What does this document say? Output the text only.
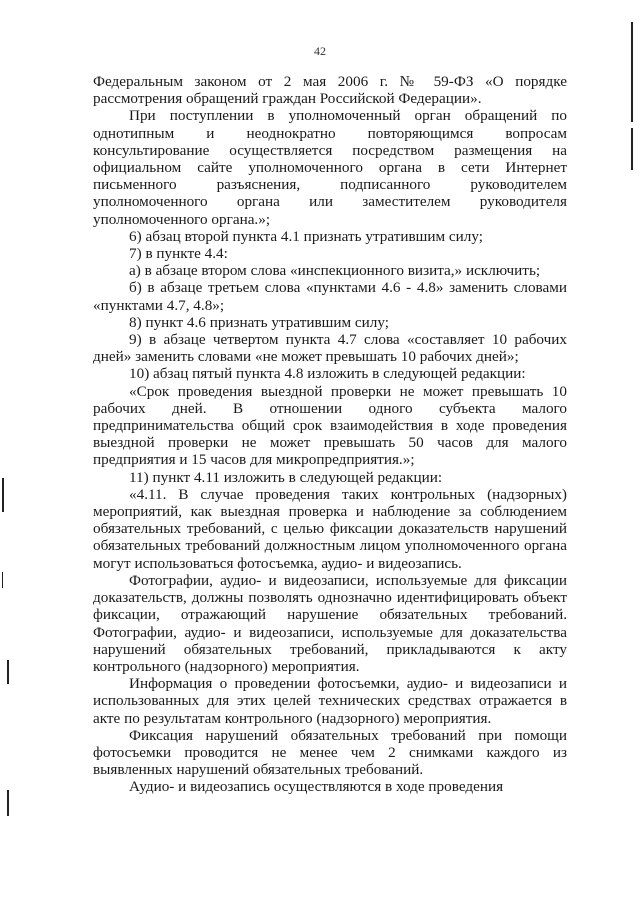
42

Федеральным законом от 2 мая 2006 г. № 59-ФЗ «О порядке рассмотрения обращений граждан Российской Федерации».

При поступлении в уполномоченный орган обращений по однотипным и неоднократно повторяющимся вопросам консультирование осуществляется посредством размещения на официальном сайте уполномоченного органа в сети Интернет письменного разъяснения, подписанного руководителем уполномоченного органа или заместителем руководителя уполномоченного органа.»;

6) абзац второй пункта 4.1 признать утратившим силу;

7) в пункте 4.4:

а) в абзаце втором слова «инспекционного визита,» исключить;

б) в абзаце третьем слова «пунктами 4.6 - 4.8» заменить словами «пунктами 4.7, 4.8»;

8) пункт 4.6 признать утратившим силу;

9) в абзаце четвертом пункта 4.7 слова «составляет 10 рабочих дней» заменить словами «не может превышать 10 рабочих дней»;

10) абзац пятый пункта 4.8 изложить в следующей редакции:

«Срок проведения выездной проверки не может превышать 10 рабочих дней. В отношении одного субъекта малого предпринимательства общий срок взаимодействия в ходе проведения выездной проверки не может превышать 50 часов для малого предприятия и 15 часов для микропредприятия.»;

11) пункт 4.11 изложить в следующей редакции:

«4.11. В случае проведения таких контрольных (надзорных) мероприятий, как выездная проверка и наблюдение за соблюдением обязательных требований, с целью фиксации доказательств нарушений обязательных требований должностным лицом уполномоченного органа могут использоваться фотосъемка, аудио- и видеозапись.

Фотографии, аудио- и видеозаписи, используемые для фиксации доказательств, должны позволять однозначно идентифицировать объект фиксации, отражающий нарушение обязательных требований. Фотографии, аудио- и видеозаписи, используемые для доказательства нарушений обязательных требований, прикладываются к акту контрольного (надзорного) мероприятия.

Информация о проведении фотосъемки, аудио- и видеозаписи и использованных для этих целей технических средствах отражается в акте по результатам контрольного (надзорного) мероприятия.

Фиксация нарушений обязательных требований при помощи фотосъемки проводится не менее чем 2 снимками каждого из выявленных нарушений обязательных требований.

Аудио- и видеозапись осуществляются в ходе проведения
